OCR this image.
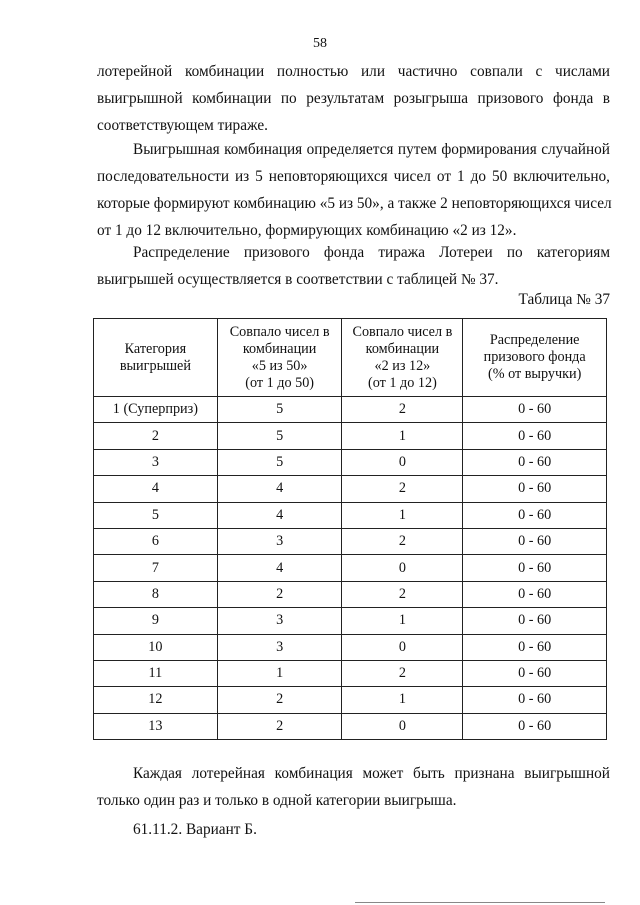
58
лотерейной комбинации полностью или частично совпали с числами
выигрышной комбинации по результатам розыгрыша призового фонда в
соответствующем тираже.
Выигрышная комбинация определяется путем формирования случайной
последовательности из 5 неповторяющихся чисел от 1 до 50 включительно,
которые формируют комбинацию «5 из 50», а также 2 неповторяющихся чисел
от 1 до 12 включительно, формирующих комбинацию «2 из 12».
Распределение призового фонда тиража Лотереи по категориям
выигрышей осуществляется в соответствии с таблицей № 37.
Таблица № 37
Категория
выигрышей	Совпало чисел в
комбинации
«5 из 50»
(от 1 до 50)	Совпало чисел в
комбинации
«2 из 12»
(от 1 до 12)	Распределение
призового фонда
(% от выручки)
1 (Суперприз)	5	2	0 - 60
2	5	1	0 - 60
3	5	0	0 - 60
4	4	2	0 - 60
5	4	1	0 - 60
6	3	2	0 - 60
7	4	0	0 - 60
8	2	2	0 - 60
9	3	1	0 - 60
10	3	0	0 - 60
11	1	2	0 - 60
12	2	1	0 - 60
13	2	0	0 - 60
Каждая лотерейная комбинация может быть признана выигрышной
только один раз и только в одной категории выигрыша.
61.11.2. Вариант Б.
